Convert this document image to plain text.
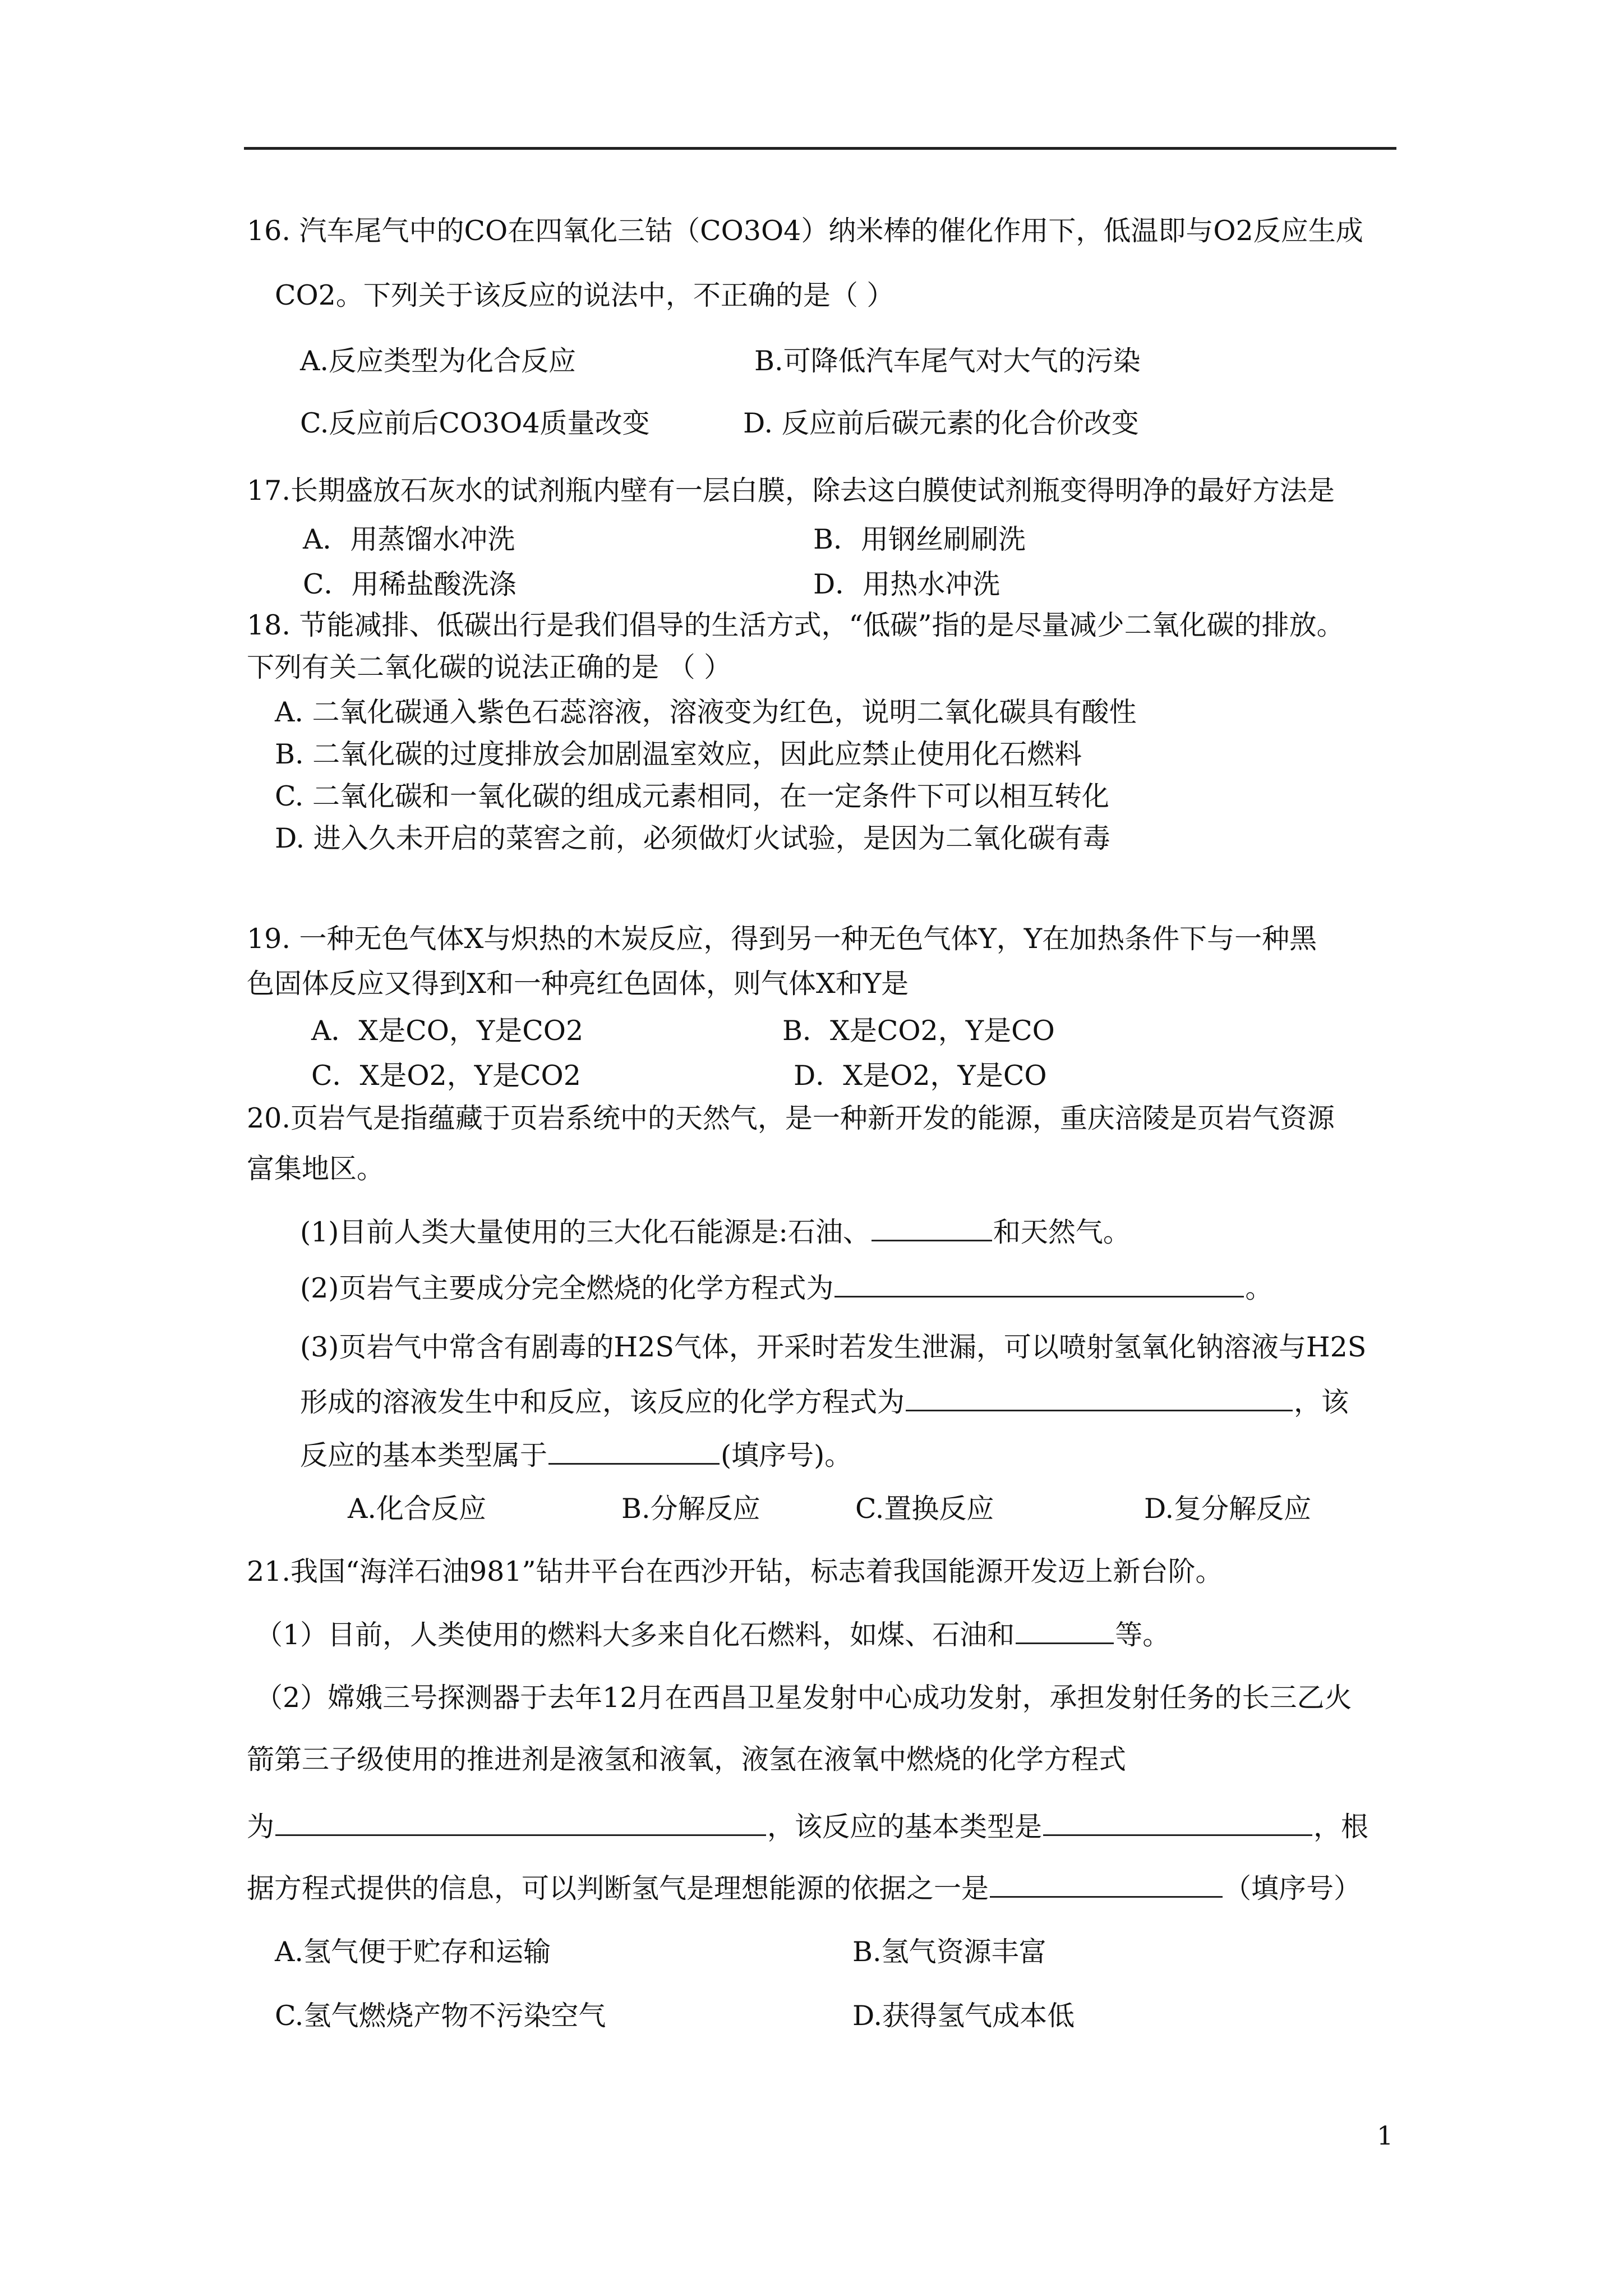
16. 汽车尾气中的CO在四氧化三钴（CO3O4）纳米棒的催化作用下，低温即与O2反应生成
CO2。下列关于该反应的说法中，不正确的是（ ）
A.反应类型为化合反应	B.可降低汽车尾气对大气的污染
C.反应前后CO3O4质量改变	D. 反应前后碳元素的化合价改变
17.长期盛放石灰水的试剂瓶内壁有一层白膜，除去这白膜使试剂瓶变得明净的最好方法是
A．用蒸馏水冲洗	B．用钢丝刷刷洗
C．用稀盐酸洗涤	D．用热水冲洗
18. 节能减排、低碳出行是我们倡导的生活方式，“低碳”指的是尽量减少二氧化碳的排放。
下列有关二氧化碳的说法正确的是 （ ）
A. 二氧化碳通入紫色石蕊溶液，溶液变为红色，说明二氧化碳具有酸性
B. 二氧化碳的过度排放会加剧温室效应，因此应禁止使用化石燃料
C. 二氧化碳和一氧化碳的组成元素相同，在一定条件下可以相互转化
D. 进入久未开启的菜窖之前，必须做灯火试验，是因为二氧化碳有毒
19. 一种无色气体X与炽热的木炭反应，得到另一种无色气体Y，Y在加热条件下与一种黑
色固体反应又得到X和一种亮红色固体，则气体X和Y是
A．X是CO，Y是CO2	B．X是CO2，Y是CO
C．X是O2，Y是CO2	D．X是O2，Y是CO
20.页岩气是指蕴藏于页岩系统中的天然气，是一种新开发的能源，重庆涪陵是页岩气资源
富集地区。
(1)目前人类大量使用的三大化石能源是:石油、	和天然气。
(2)页岩气主要成分完全燃烧的化学方程式为	。
(3)页岩气中常含有剧毒的H2S气体，开采时若发生泄漏，可以喷射氢氧化钠溶液与H2S
形成的溶液发生中和反应，该反应的化学方程式为	，该
反应的基本类型属于	(填序号)。
A.化合反应	B.分解反应	C.置换反应	D.复分解反应
21.我国“海洋石油981”钻井平台在西沙开钻，标志着我国能源开发迈上新台阶。
（1）目前，人类使用的燃料大多来自化石燃料，如煤、石油和	等。
（2）嫦娥三号探测器于去年12月在西昌卫星发射中心成功发射，承担发射任务的长三乙火
箭第三子级使用的推进剂是液氢和液氧，液氢在液氧中燃烧的化学方程式
为	，该反应的基本类型是	，根
据方程式提供的信息，可以判断氢气是理想能源的依据之一是	（填序号）
A.氢气便于贮存和运输	B.氢气资源丰富
C.氢气燃烧产物不污染空气	D.获得氢气成本低
1
